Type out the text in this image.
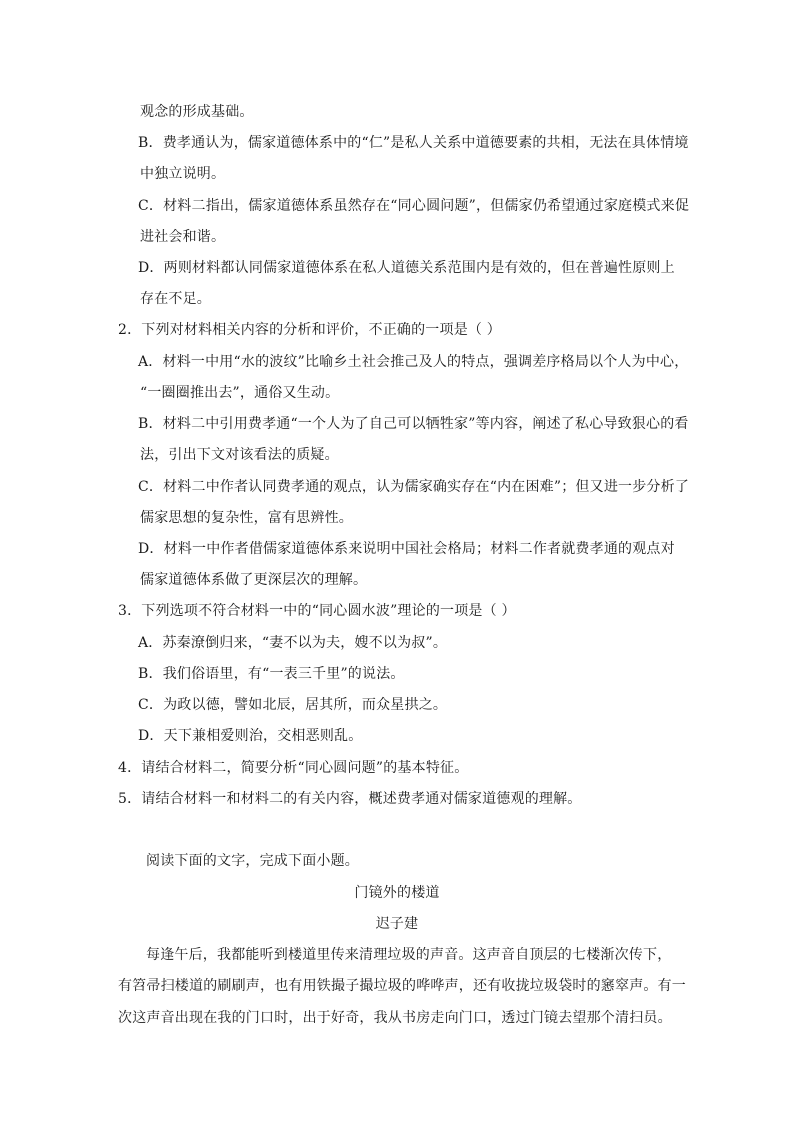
观念的形成基础。
B．费孝通认为，儒家道德体系中的“仁”是私人关系中道德要素的共相，无法在具体情境
中独立说明。
C．材料二指出，儒家道德体系虽然存在“同心圆问题”，但儒家仍希望通过家庭模式来促
进社会和谐。
D．两则材料都认同儒家道德体系在私人道德关系范围内是有效的，但在普遍性原则上
存在不足。
2．下列对材料相关内容的分析和评价，不正确的一项是（ ）
A．材料一中用“水的波纹”比喻乡土社会推己及人的特点，强调差序格局以个人为中心，
“一圈圈推出去”，通俗又生动。
B．材料二中引用费孝通“一个人为了自己可以牺牲家”等内容，阐述了私心导致狠心的看
法，引出下文对该看法的质疑。
C．材料二中作者认同费孝通的观点，认为儒家确实存在“内在困难”；但又进一步分析了
儒家思想的复杂性，富有思辨性。
D．材料一中作者借儒家道德体系来说明中国社会格局；材料二作者就费孝通的观点对
儒家道德体系做了更深层次的理解。
3．下列选项不符合材料一中的“同心圆水波”理论的一项是（ ）
A．苏秦潦倒归来，“妻不以为夫，嫂不以为叔”。
B．我们俗语里，有“一表三千里”的说法。
C．为政以德，譬如北辰，居其所，而众星拱之。
D．天下兼相爱则治，交相恶则乱。
4．请结合材料二，简要分析“同心圆问题”的基本特征。
5．请结合材料一和材料二的有关内容，概述费孝通对儒家道德观的理解。
阅读下面的文字，完成下面小题。
门镜外的楼道
迟子建
每逢午后，我都能听到楼道里传来清理垃圾的声音。这声音自顶层的七楼渐次传下，
有笤帚扫楼道的刷刷声，也有用铁撮子撮垃圾的哗哗声，还有收拢垃圾袋时的窸窣声。有一
次这声音出现在我的门口时，出于好奇，我从书房走向门口，透过门镜去望那个清扫员。
